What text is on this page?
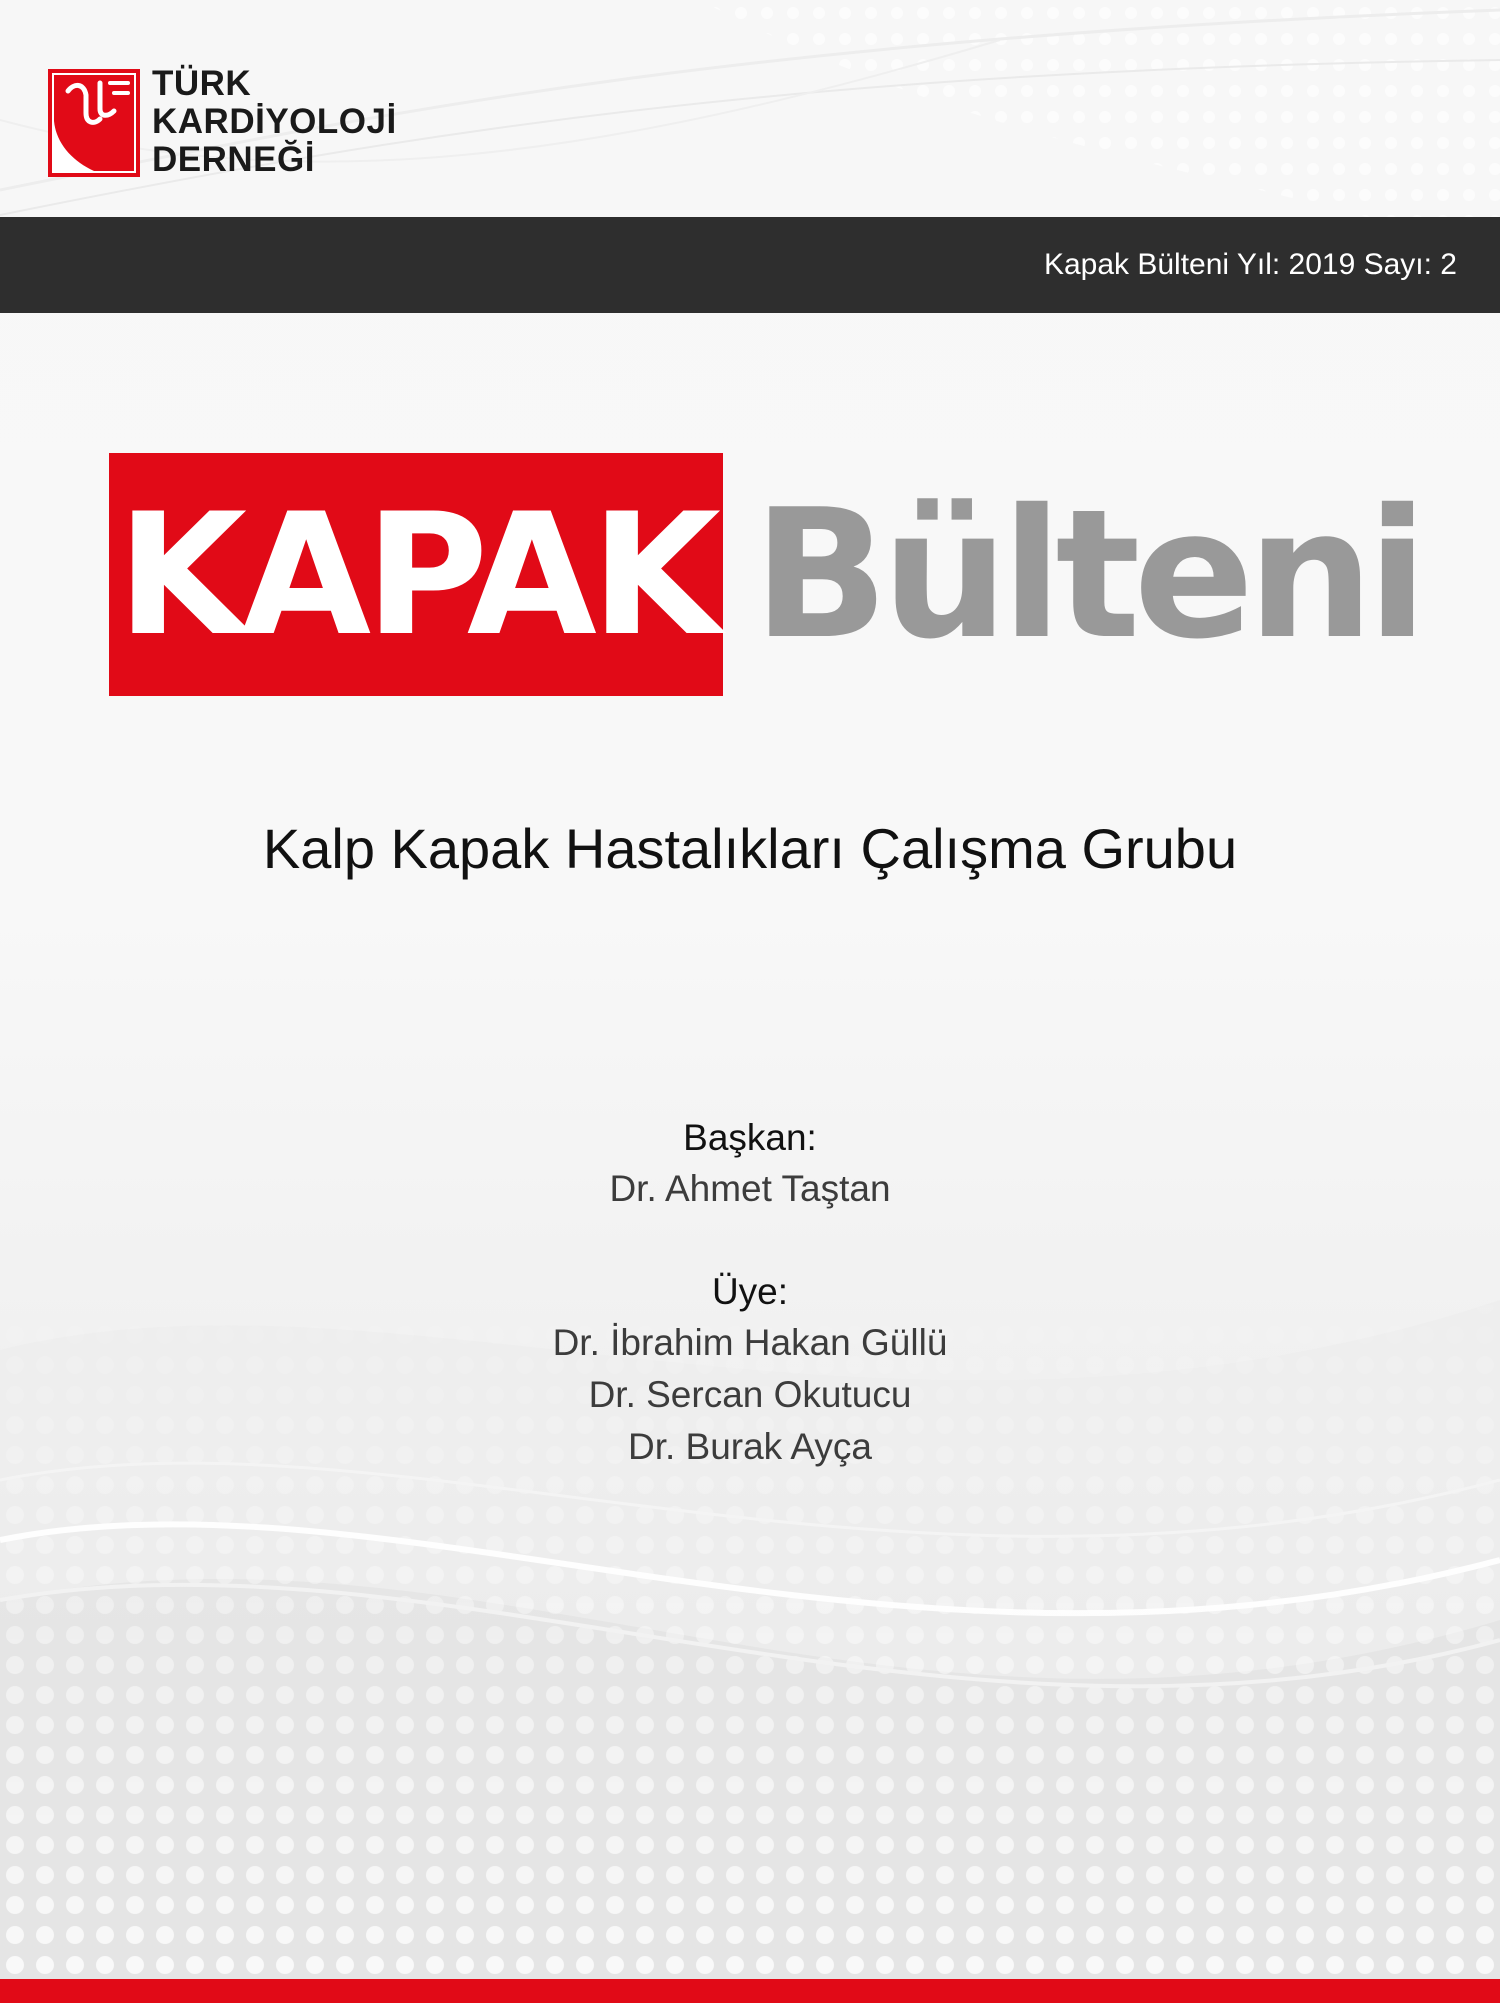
TÜRK
KARDİYOLOJİ
DERNEĞİ
Kapak Bülteni Yıl: 2019 Sayı: 2
KAPAK Bülteni
Kalp Kapak Hastalıkları Çalışma Grubu
Başkan:
Dr. Ahmet Taştan
Üye:
Dr. İbrahim Hakan Güllü
Dr. Sercan Okutucu
Dr. Burak Ayça
